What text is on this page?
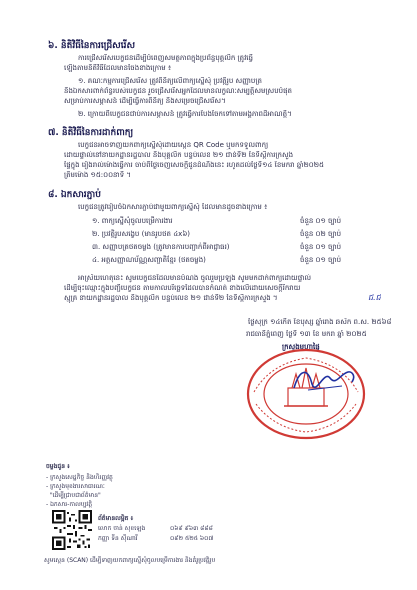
៦. និតិវិធីនៃការជ្រើសរើស
ការជ្រើសរើសបេក្ខជនដើម្បីបំពេញសមត្ថភាពក្នុងប្រព័ន្ធបុគ្គលិក ត្រូវធ្វើ
ឡើងតាមនិតិវិធីដែលមានចែងខាងក្រោម ៖
១. គណៈកម្មការជ្រើសរើស ត្រូវពិនិត្យលើពាក្យស្នើសុំ ប្រវត្តិរូប សញ្ញាបត្រ
និងឯកសារពាក់ព័ន្ធរបស់បេក្ខជន រួចជ្រើសរើសអ្នកដែលមានលក្ខណៈសម្បត្តិសមស្របបំផុត
សម្រាប់ការសម្ភាសន៍ ដើម្បីធ្វើការពិនិត្យ និងសម្រេចជ្រើសរើស។
២. ក្រោយពីបេក្ខជនជាប់ការសម្ភាសន៍ ត្រូវធ្វើការបែងចែកទៅតាមអង្គភាពដីអាណត្តិ។
៧. និតិវិធីនៃការដាក់ពាក្យ
បេក្ខជនអាចទាញយកពាក្យស្នើសុំដោយស្កេន QR Code ឬមកទទួលពាក្យ
ដោយផ្ទាល់នៅនាយកដ្ឋានរដ្ឋបាល និងបុគ្គលិក បន្ទប់លេខ ២១ ជាន់ទី២ នៃទីស្តីការក្រសួង
ផ្ទៃក្នុង រៀងរាល់ម៉ោងធ្វើការ ចាប់ពីថ្ងៃចេញសេចក្តីជូនដំណឹងនេះ រហូតដល់ថ្ងៃទី១៤ ខែមករា ឆ្នាំ២០២៥
ត្រឹមម៉ោង ១៥:០០នាទី ។
៨. ឯកសារភ្ជាប់
បេក្ខជនត្រូវរៀបចំឯកសារភ្ជាប់ជាមួយពាក្យស្នើសុំ ដែលមានដូចខាងក្រោម ៖
១. ពាក្យស្នើសុំចូលបម្រើការងារ	ចំនួន ០១ ច្បាប់
២. ប្រវត្តិរូបសង្ខេប (មានរូបថត ៤x៦)	ចំនួន ០២ ច្បាប់
៣. សញ្ញាបត្រថតចម្លង (ត្រូវមានការបញ្ជាក់ពីអាជ្ញាធរ)	ចំនួន ០១ ច្បាប់
៤. អត្តសញ្ញាណប័ណ្ណសញ្ជាតិខ្មែរ (ថតចម្លង)	ចំនួន ០១ ច្បាប់
អាស្រ័យហេតុនេះ សូមបេក្ខជនដែលមានបំណង ចូលរួមប្រឡង សូមមកដាក់ពាក្យដោយផ្ទាល់
ដើម្បីចុះឈ្មោះក្នុងបញ្ជីបេក្ខជន តាមកាលបរិច្ឆេទដែលបានកំណត់ ខាងលើដោយសេចក្តីរីករាយ
ស្មុគ្រ នាយកដ្ឋានរដ្ឋបាល និងបុគ្គលិក បន្ទប់លេខ ២១ ជាន់ទី២ នៃទីស្តីការក្រសួង ។	ជ.ជ
ថ្ងៃសុក្រ ១៤កើត ខែបុស្ស ឆ្នាំរោង ឆស័ក ព.ស. ២៥៦៨
រាជធានីភ្នំពេញ ថ្ងៃទី ១៣ ខែ មករា ឆ្នាំ ២០២៥
ក្រសួងមហាផ្ទៃ
ចម្លងជូន ៖
- ក្រសួងសេដ្ឋកិច្ច និងហិរញ្ញវត្ថុ
- ក្រសួងមុខងារសាធារណៈ
"ដើម្បីជ្រាបជាព័ត៌មាន"
- ឯកសារ-កាលប្បវត្តិ
ព័ត៌មានលម្អិត ៖
លោក ចាន់ សុខឡេង	០៦៩ ៩៦៣ ៨៨៨
កញ្ញា ទីន ស៊ីណារី	០៩២ ៥២៥ ៦០៧
សូមស្កេន (SCAN) ដើម្បីទាញយកពាក្យស្នើសុំចូលបម្រើការងារ និងគំរូប្រវត្តិរូប
